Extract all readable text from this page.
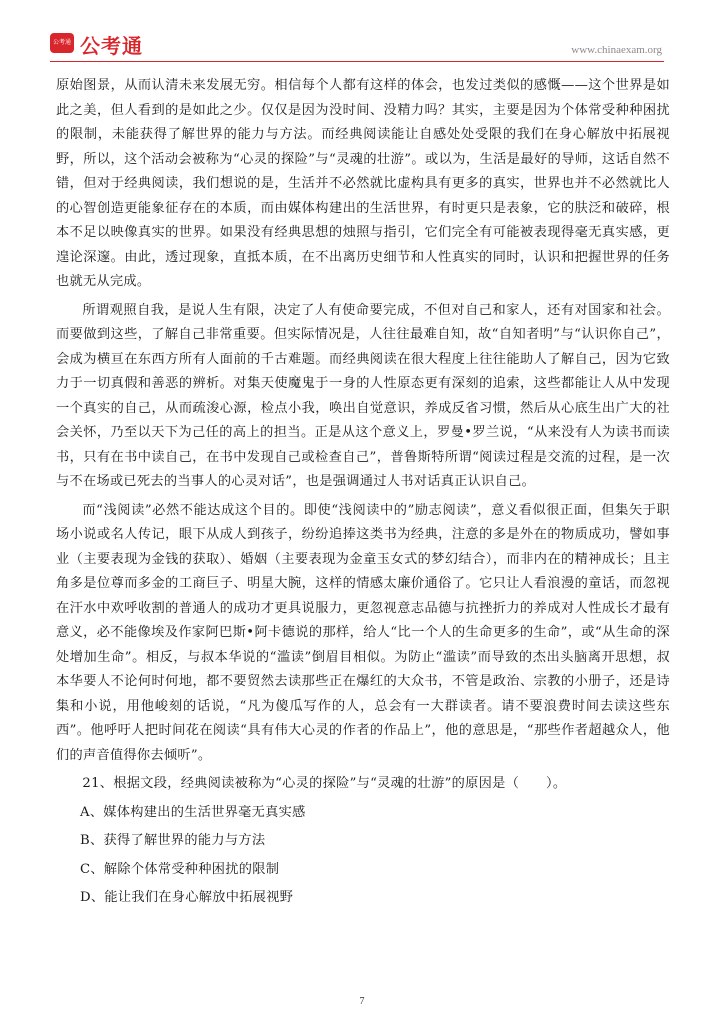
公考通 公考通	www.chinaexam.org

原始图景，从而认清未来发展无穷。相信每个人都有这样的体会，也发过类似的感慨——这个世界是如此之美，但人看到的是如此之少。仅仅是因为没时间、没精力吗？其实，主要是因为个体常受种种困扰的限制，未能获得了解世界的能力与方法。而经典阅读能让自感处处受限的我们在身心解放中拓展视野，所以，这个活动会被称为“心灵的探险”与“灵魂的壮游”。或以为，生活是最好的导师，这话自然不错，但对于经典阅读，我们想说的是，生活并不必然就比虚构具有更多的真实，世界也并不必然就比人的心智创造更能象征存在的本质，而由媒体构建出的生活世界，有时更只是表象，它的肤泛和破碎，根本不足以映像真实的世界。如果没有经典思想的烛照与指引，它们完全有可能被表现得毫无真实感，更遑论深邃。由此，透过现象，直抵本质，在不出离历史细节和人性真实的同时，认识和把握世界的任务也就无从完成。

所谓观照自我，是说人生有限，决定了人有使命要完成，不但对自己和家人，还有对国家和社会。而要做到这些，了解自己非常重要。但实际情况是，人往往最难自知，故“自知者明”与“认识你自己”，会成为横亘在东西方所有人面前的千古难题。而经典阅读在很大程度上往往能助人了解自己，因为它致力于一切真假和善恶的辨析。对集天使魔鬼于一身的人性原态更有深刻的追索，这些都能让人从中发现一个真实的自己，从而疏浚心源，检点小我，唤出自觉意识，养成反省习惯，然后从心底生出广大的社会关怀，乃至以天下为己任的高上的担当。正是从这个意义上，罗曼•罗兰说，“从来没有人为读书而读书，只有在书中读自己，在书中发现自己或检查自己”，普鲁斯特所谓“阅读过程是交流的过程，是一次与不在场或已死去的当事人的心灵对话”，也是强调通过人书对话真正认识自己。

而“浅阅读”必然不能达成这个目的。即使“浅阅读中的”励志阅读”，意义看似很正面，但集矢于职场小说或名人传记，眼下从成人到孩子，纷纷追捧这类书为经典，注意的多是外在的物质成功，譬如事业（主要表现为金钱的获取）、婚姻（主要表现为金童玉女式的梦幻结合），而非内在的精神成长；且主角多是位尊而多金的工商巨子、明星大腕，这样的情感太廉价通俗了。它只让人看浪漫的童话，而忽视在汗水中欢呼收割的普通人的成功才更具说服力，更忽视意志品德与抗挫折力的养成对人性成长才最有意义，必不能像埃及作家阿巴斯•阿卡德说的那样，给人“比一个人的生命更多的生命”，或“从生命的深处增加生命”。相反，与叔本华说的“滥读”倒眉目相似。为防止“滥读”而导致的杰出头脑离开思想，叔本华要人不论何时何地，都不要贸然去读那些正在爆红的大众书，不管是政治、宗教的小册子，还是诗集和小说，用他峻刻的话说，“凡为傻瓜写作的人，总会有一大群读者。请不要浪费时间去读这些东西”。他呼吁人把时间花在阅读“具有伟大心灵的作者的作品上”，他的意思是，“那些作者超越众人，他们的声音值得你去倾听”。

21、根据文段，经典阅读被称为“心灵的探险”与“灵魂的壮游”的原因是（　　）。

A、媒体构建出的生活世界毫无真实感

B、获得了解世界的能力与方法

C、解除个体常受种种困扰的限制

D、能让我们在身心解放中拓展视野

7
